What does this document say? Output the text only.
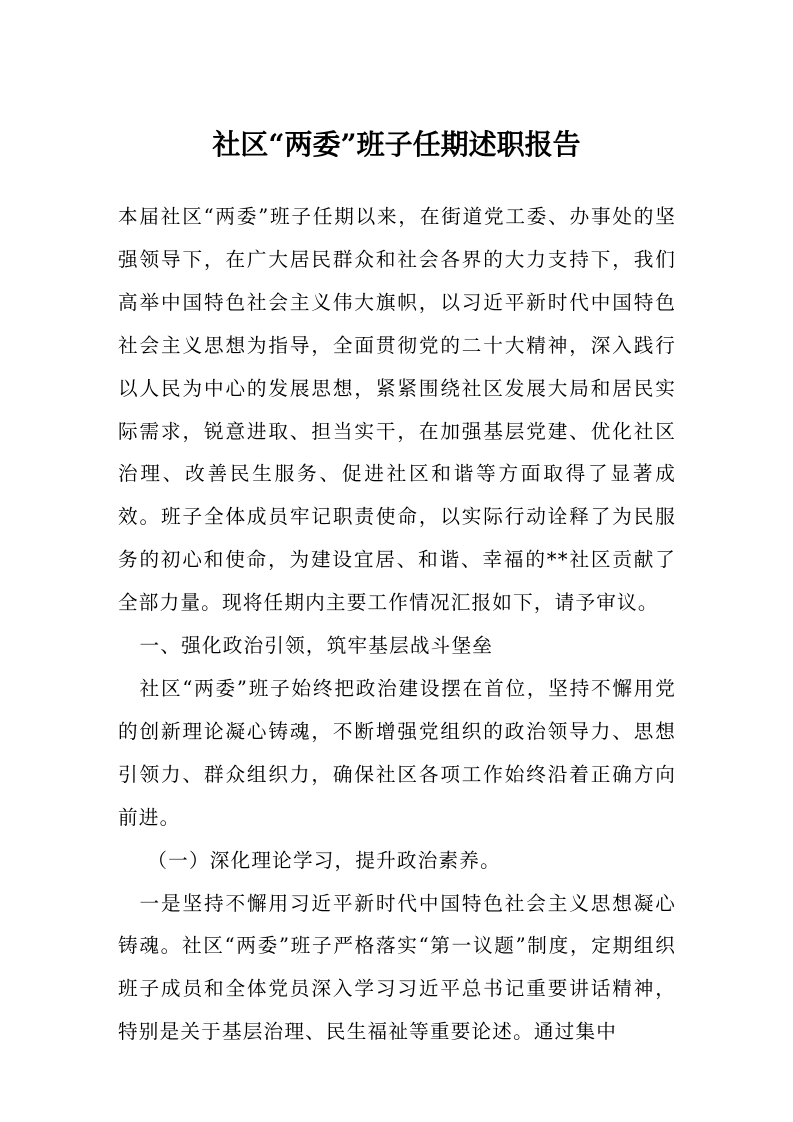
社区“两委”班子任期述职报告

本届社区“两委”班子任期以来，在街道党工委、办事处的坚强领导下，在广大居民群众和社会各界的大力支持下，我们高举中国特色社会主义伟大旗帜，以习近平新时代中国特色社会主义思想为指导，全面贯彻党的二十大精神，深入践行以人民为中心的发展思想，紧紧围绕社区发展大局和居民实际需求，锐意进取、担当实干，在加强基层党建、优化社区治理、改善民生服务、促进社区和谐等方面取得了显著成效。班子全体成员牢记职责使命，以实际行动诠释了为民服务的初心和使命，为建设宜居、和谐、幸福的**社区贡献了全部力量。现将任期内主要工作情况汇报如下，请予审议。

一、强化政治引领，筑牢基层战斗堡垒

社区“两委”班子始终把政治建设摆在首位，坚持不懈用党的创新理论凝心铸魂，不断增强党组织的政治领导力、思想引领力、群众组织力，确保社区各项工作始终沿着正确方向前进。

（一）深化理论学习，提升政治素养。

一是坚持不懈用习近平新时代中国特色社会主义思想凝心铸魂。社区“两委”班子严格落实“第一议题”制度，定期组织班子成员和全体党员深入学习习近平总书记重要讲话精神，特别是关于基层治理、民生福祉等重要论述。通过集中
